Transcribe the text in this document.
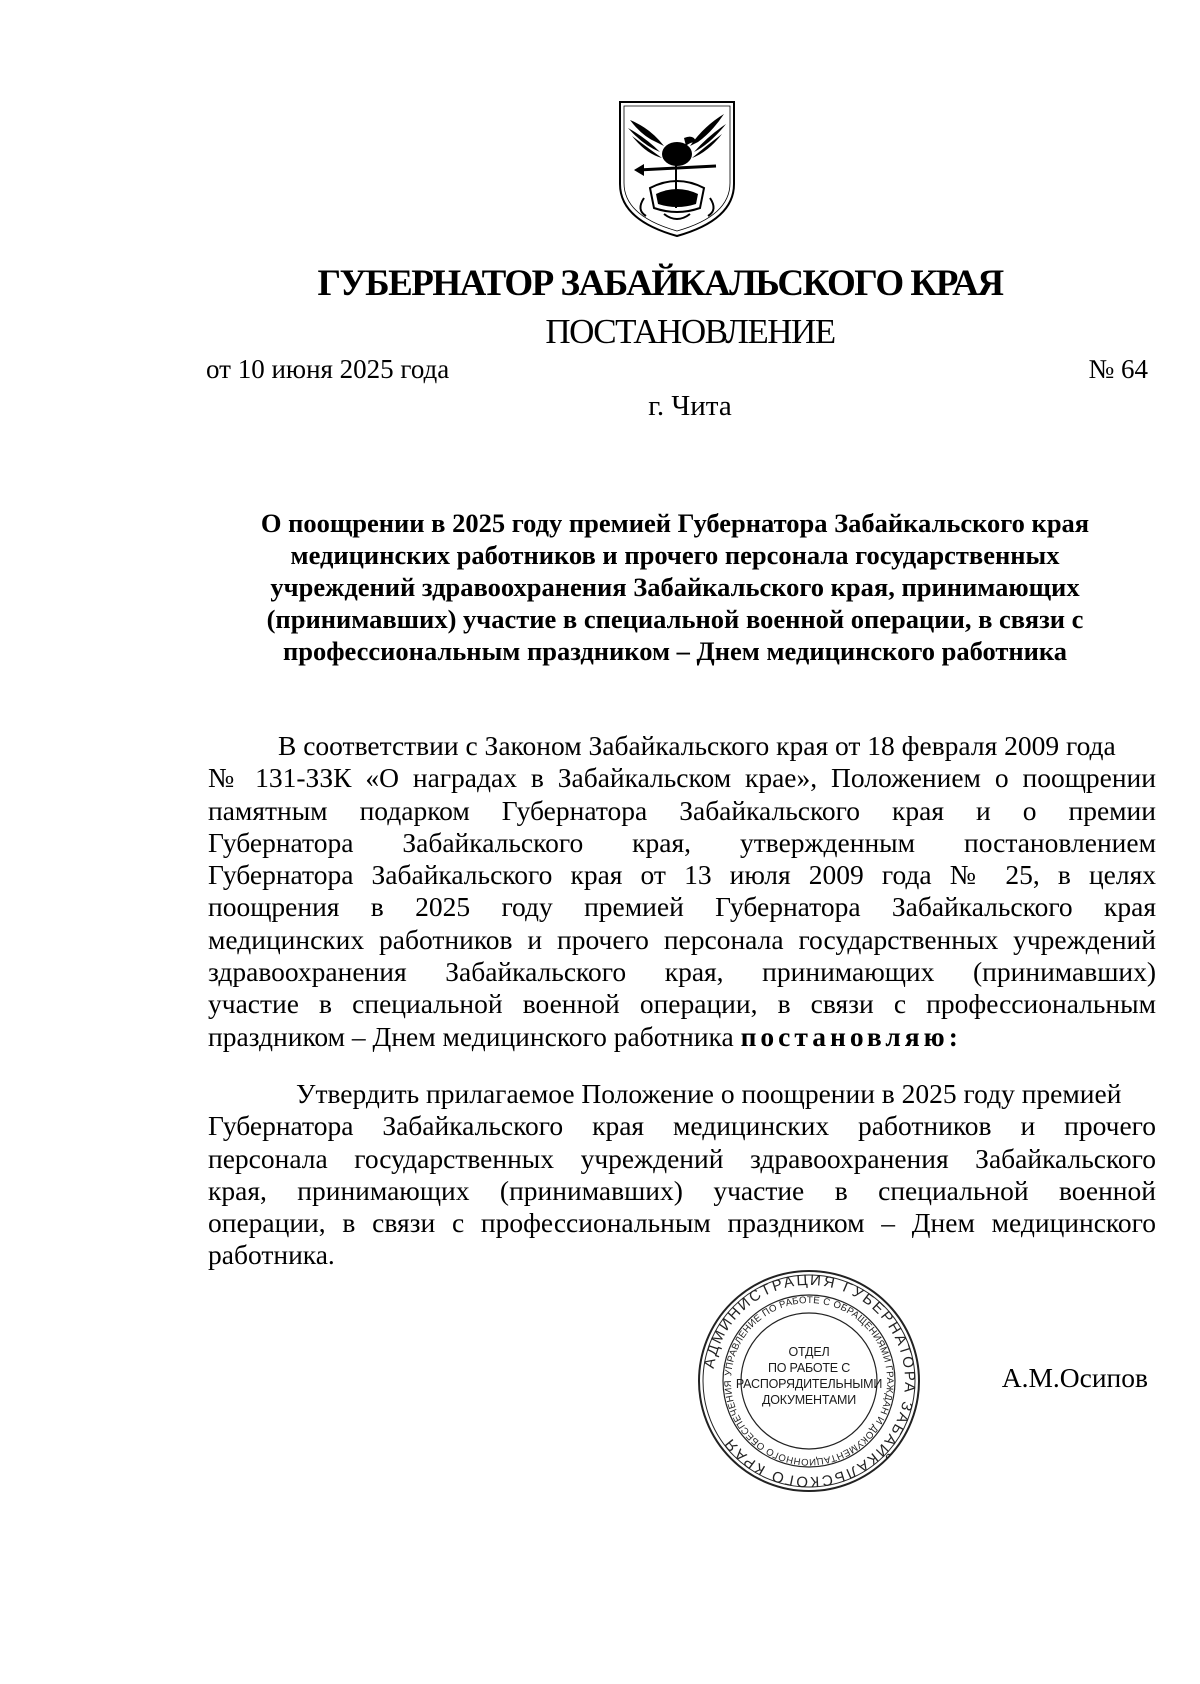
ГУБЕРНАТОР ЗАБАЙКАЛЬСКОГО КРАЯ
ПОСТАНОВЛЕНИЕ
от 10 июня 2025 года	№ 64
г. Чита
О поощрении в 2025 году премией Губернатора Забайкальского края
медицинских работников и прочего персонала государственных
учреждений здравоохранения Забайкальского края, принимающих
(принимавших) участие в специальной военной операции, в связи с
профессиональным праздником – Днем медицинского работника
В соответствии с Законом Забайкальского края от 18 февраля 2009 года
№ 131-ЗЗК «О наградах в Забайкальском крае», Положением о поощрении
памятным подарком Губернатора Забайкальского края и о премии
Губернатора Забайкальского края, утвержденным постановлением
Губернатора Забайкальского края от 13 июля 2009 года № 25, в целях
поощрения в 2025 году премией Губернатора Забайкальского края
медицинских работников и прочего персонала государственных учреждений
здравоохранения Забайкальского края, принимающих (принимавших)
участие в специальной военной операции, в связи с профессиональным
праздником – Днем медицинского работника постановляю:
Утвердить прилагаемое Положение о поощрении в 2025 году премией
Губернатора Забайкальского края медицинских работников и прочего
персонала государственных учреждений здравоохранения Забайкальского
края, принимающих (принимавших) участие в специальной военной
операции, в связи с профессиональным праздником – Днем медицинского
работника.
АДМИНИСТРАЦИЯ ГУБЕРНАТОРА ЗАБАЙКАЛЬСКОГО КРАЯ
УПРАВЛЕНИЕ ПО РАБОТЕ С ОБРАЩЕНИЯМИ ГРАЖДАН И ДОКУМЕНТАЦИОННОГО ОБЕСПЕЧЕНИЯ
ОТДЕЛ
ПО РАБОТЕ С
РАСПОРЯДИТЕЛЬНЫМИ
ДОКУМЕНТАМИ
А.М.Осипов
